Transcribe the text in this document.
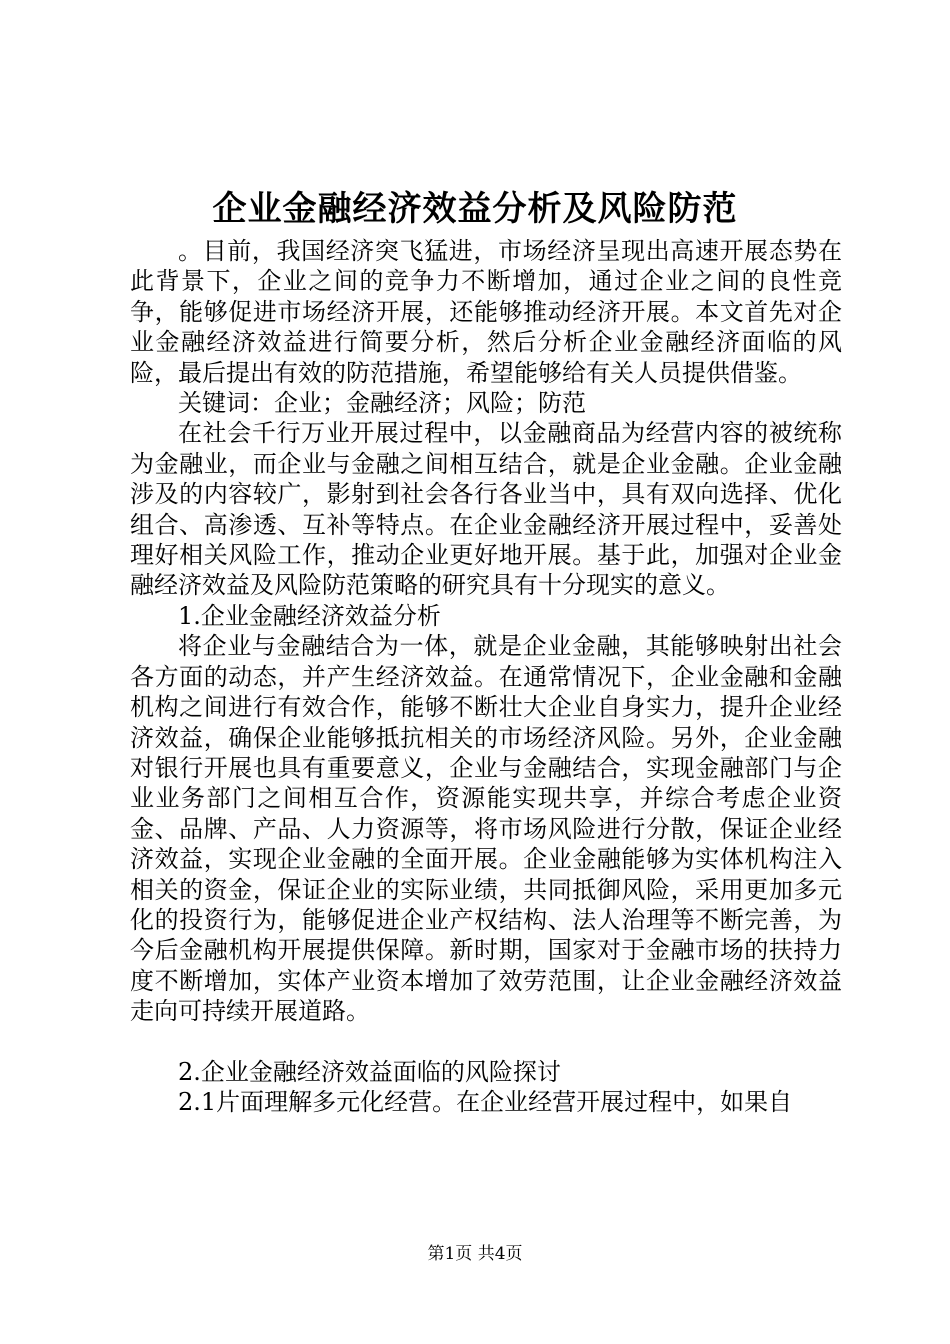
企业金融经济效益分析及风险防范

。目前，我国经济突飞猛进，市场经济呈现出高速开展态势在此背景下，企业之间的竞争力不断增加，通过企业之间的良性竞争，能够促进市场经济开展，还能够推动经济开展。本文首先对企业金融经济效益进行简要分析，然后分析企业金融经济面临的风险，最后提出有效的防范措施，希望能够给有关人员提供借鉴。

关键词：企业；金融经济；风险；防范

在社会千行万业开展过程中，以金融商品为经营内容的被统称为金融业，而企业与金融之间相互结合，就是企业金融。企业金融涉及的内容较广，影射到社会各行各业当中，具有双向选择、优化组合、高渗透、互补等特点。在企业金融经济开展过程中，妥善处理好相关风险工作，推动企业更好地开展。基于此，加强对企业金融经济效益及风险防范策略的研究具有十分现实的意义。

1.企业金融经济效益分析

将企业与金融结合为一体，就是企业金融，其能够映射出社会各方面的动态，并产生经济效益。在通常情况下，企业金融和金融机构之间进行有效合作，能够不断壮大企业自身实力，提升企业经济效益，确保企业能够抵抗相关的市场经济风险。另外，企业金融对银行开展也具有重要意义，企业与金融结合，实现金融部门与企业业务部门之间相互合作，资源能实现共享，并综合考虑企业资金、品牌、产品、人力资源等，将市场风险进行分散，保证企业经济效益，实现企业金融的全面开展。企业金融能够为实体机构注入相关的资金，保证企业的实际业绩，共同抵御风险，采用更加多元化的投资行为，能够促进企业产权结构、法人治理等不断完善，为今后金融机构开展提供保障。新时期，国家对于金融市场的扶持力度不断增加，实体产业资本增加了效劳范围，让企业金融经济效益走向可持续开展道路。

2.企业金融经济效益面临的风险探讨

2.1片面理解多元化经营。在企业经营开展过程中，如果自

第1页 共4页
